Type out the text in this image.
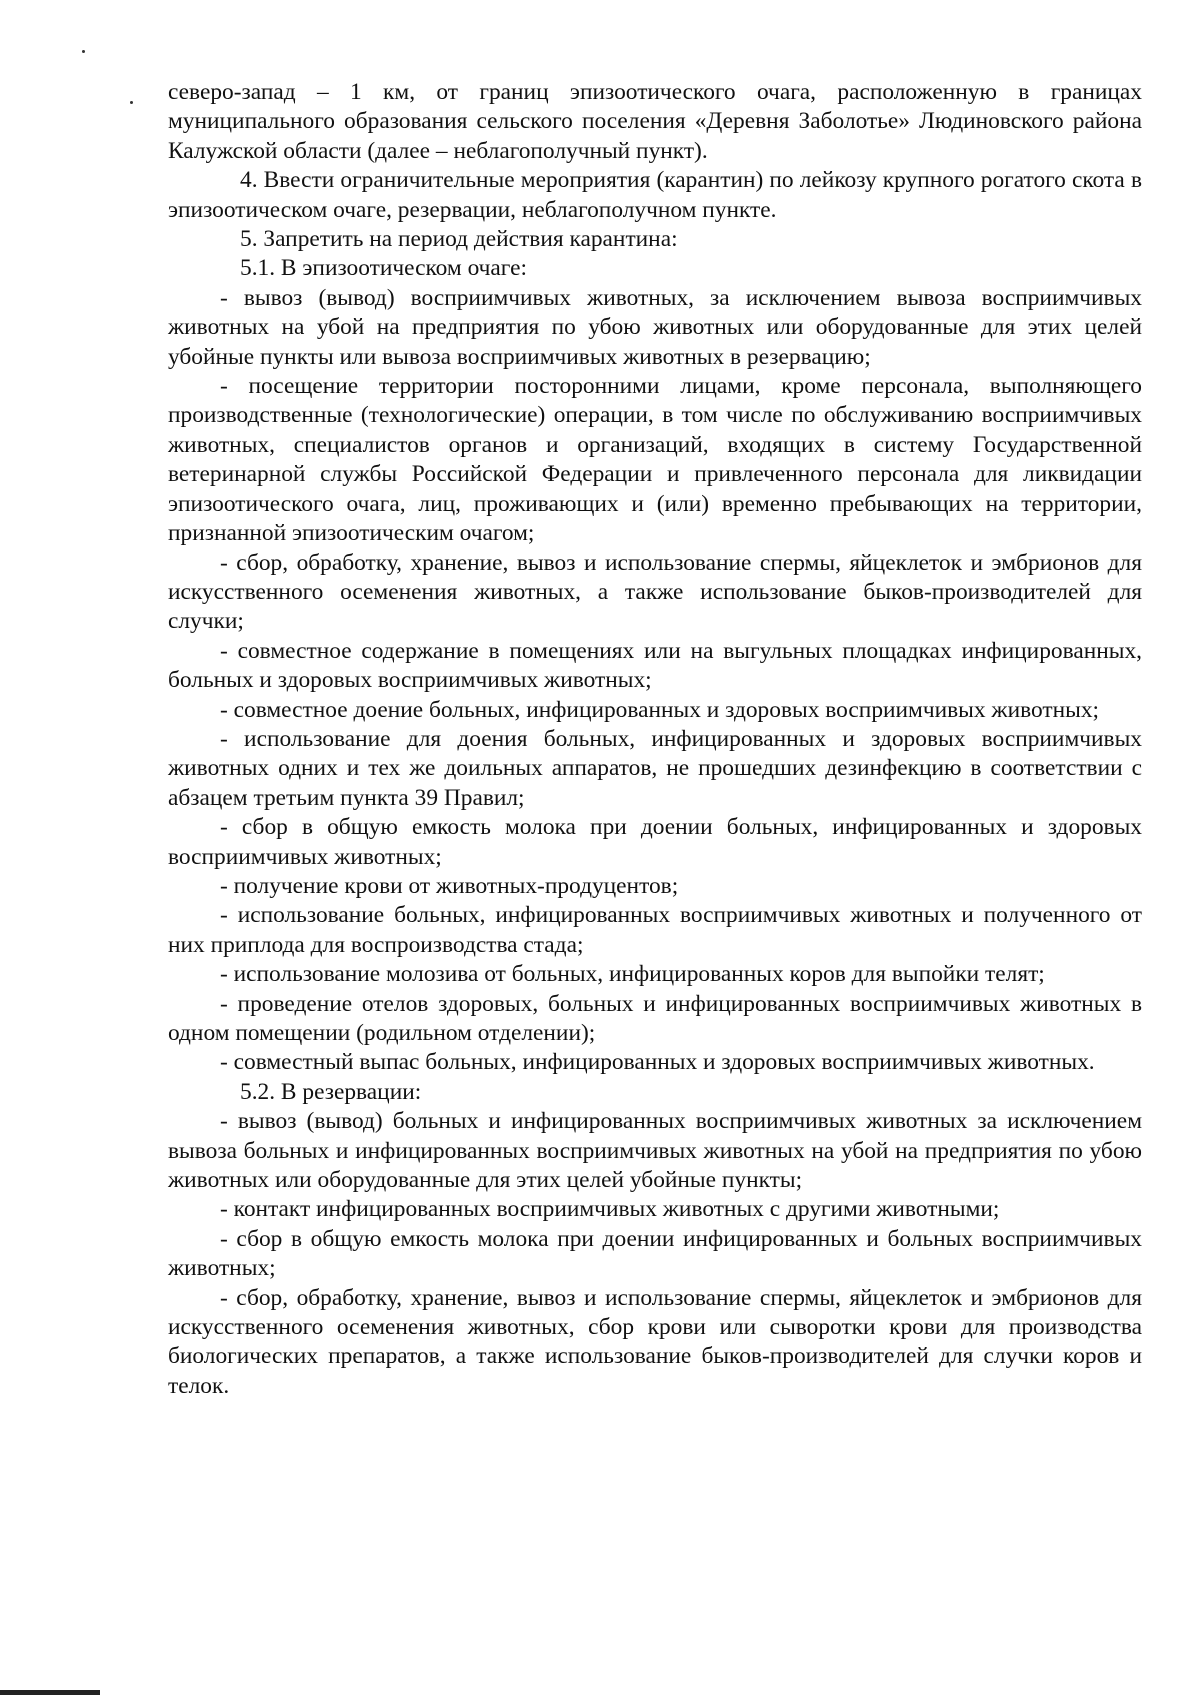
северо-запад – 1 км, от границ эпизоотического очага, расположенную в границах муниципального образования сельского поселения «Деревня Заболотье» Людиновского района Калужской области (далее – неблагополучный пункт).

4. Ввести ограничительные мероприятия (карантин) по лейкозу крупного рогатого скота в эпизоотическом очаге, резервации, неблагополучном пункте.

5. Запретить на период действия карантина:

5.1. В эпизоотическом очаге:

- вывоз (вывод) восприимчивых животных, за исключением вывоза восприимчивых животных на убой на предприятия по убою животных или оборудованные для этих целей убойные пункты или вывоза восприимчивых животных в резервацию;

- посещение территории посторонними лицами, кроме персонала, выполняющего производственные (технологические) операции, в том числе по обслуживанию восприимчивых животных, специалистов органов и организаций, входящих в систему Государственной ветеринарной службы Российской Федерации и привлеченного персонала для ликвидации эпизоотического очага, лиц, проживающих и (или) временно пребывающих на территории, признанной эпизоотическим очагом;

- сбор, обработку, хранение, вывоз и использование спермы, яйцеклеток и эмбрионов для искусственного осеменения животных, а также использование быков-производителей для случки;

- совместное содержание в помещениях или на выгульных площадках инфицированных, больных и здоровых восприимчивых животных;

- совместное доение больных, инфицированных и здоровых восприимчивых животных;

- использование для доения больных, инфицированных и здоровых восприимчивых животных одних и тех же доильных аппаратов, не прошедших дезинфекцию в соответствии с абзацем третьим пункта 39 Правил;

- сбор в общую емкость молока при доении больных, инфицированных и здоровых восприимчивых животных;

- получение крови от животных-продуцентов;

- использование больных, инфицированных восприимчивых животных и полученного от них приплода для воспроизводства стада;

- использование молозива от больных, инфицированных коров для выпойки телят;

- проведение отелов здоровых, больных и инфицированных восприимчивых животных в одном помещении (родильном отделении);

- совместный выпас больных, инфицированных и здоровых восприимчивых животных.

5.2. В резервации:

- вывоз (вывод) больных и инфицированных восприимчивых животных за исключением вывоза больных и инфицированных восприимчивых животных на убой на предприятия по убою животных или оборудованные для этих целей убойные пункты;

- контакт инфицированных восприимчивых животных с другими животными;

- сбор в общую емкость молока при доении инфицированных и больных восприимчивых животных;

- сбор, обработку, хранение, вывоз и использование спермы, яйцеклеток и эмбрионов для искусственного осеменения животных, сбор крови или сыворотки крови для производства биологических препаратов, а также использование быков-производителей для случки коров и телок.
